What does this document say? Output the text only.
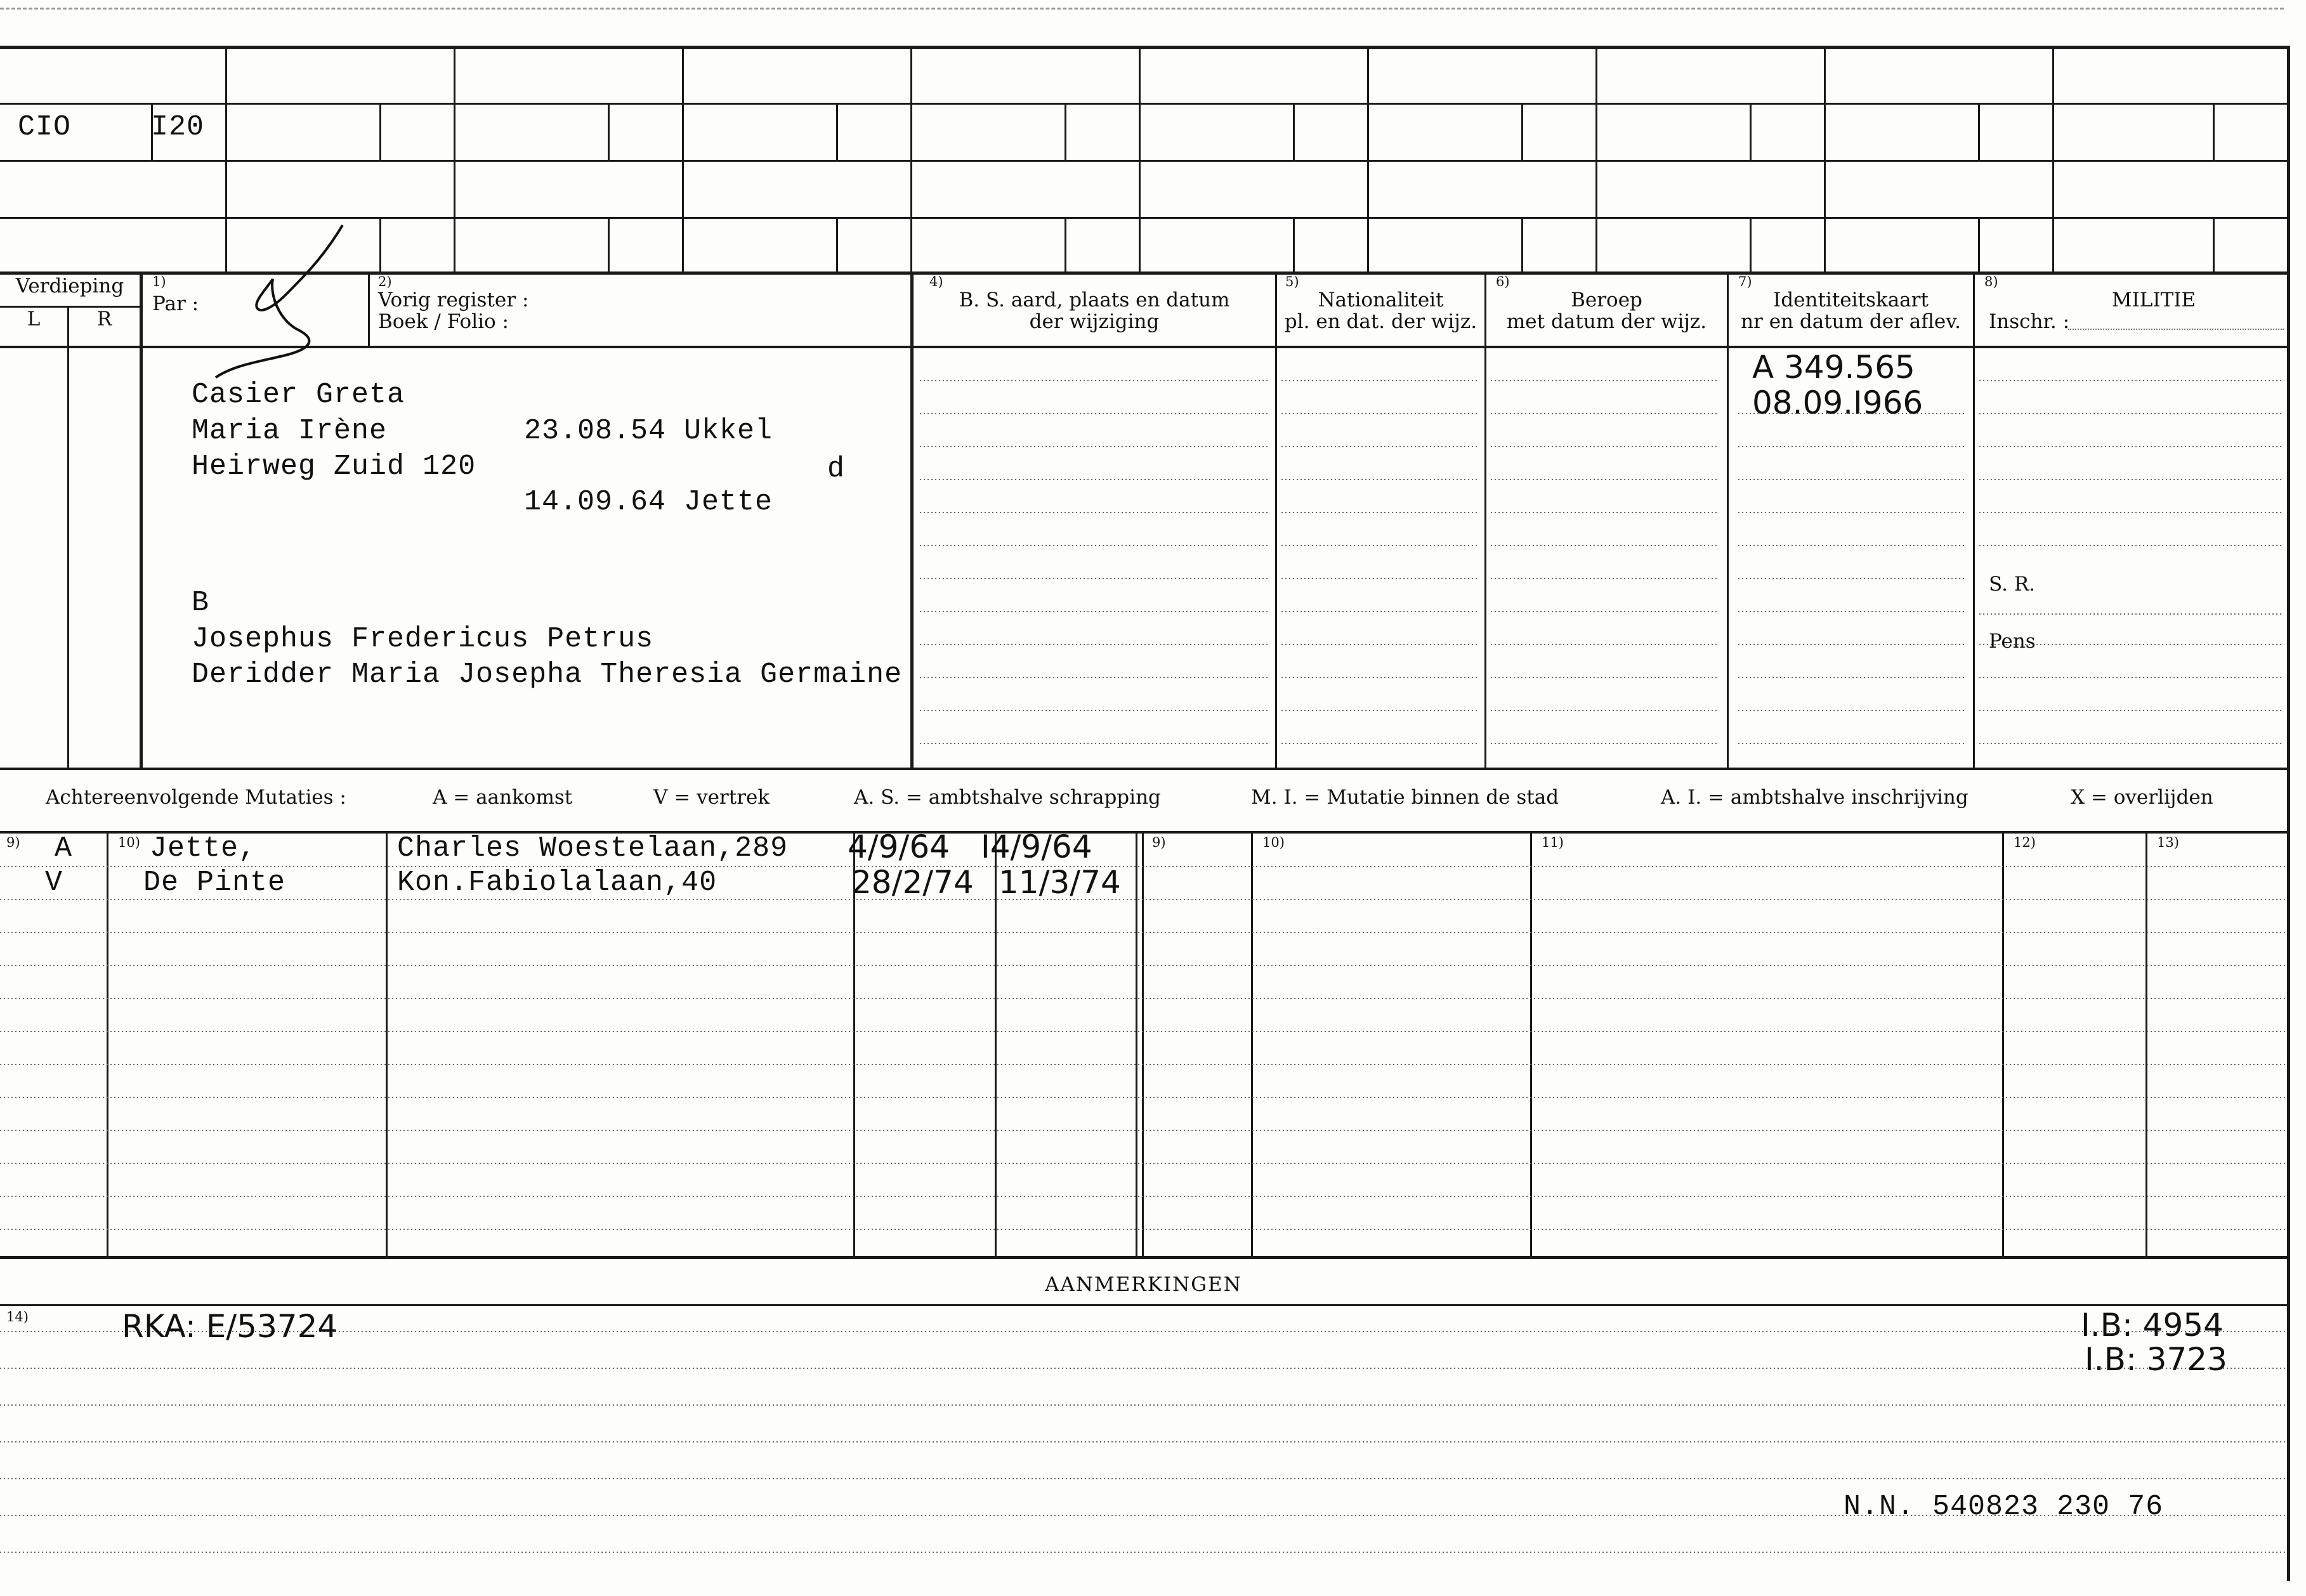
CIO	I20
Verdieping
L	R
1)
Par :
2)
Vorig register :
Boek / Folio :
4)
B. S. aard, plaats en datum
der wijziging
5)
Nationaliteit
pl. en dat. der wijz.
6)
Beroep
met datum der wijz.
7)
Identiteitskaart
nr en datum der aflev.
8)
MILITIE
Inschr. :
S. R.
Pens
Casier Greta
Maria Irène	23.08.54 Ukkel
Heirweg Zuid 120	d
14.09.64 Jette
B
Josephus Fredericus Petrus
Deridder Maria Josepha Theresia Germaine
A 349.565
08.09.I966
Achtereenvolgende Mutaties :	A = aankomst	V = vertrek	A. S. = ambtshalve schrapping	M. I. = Mutatie binnen de stad	A. I. = ambtshalve inschrijving	X = overlijden
9)	10)	9)	10)	11)	12)	13)
A	Jette,	Charles Woestelaan,289 4/9/64 I4/9/64
V	De Pinte	Kon.Fabiolalaan,40	28/2/74 11/3/74
AANMERKINGEN
14)	RKA: E/53724	I.B: 4954
I.B: 3723
N.N. 540823 230 76
